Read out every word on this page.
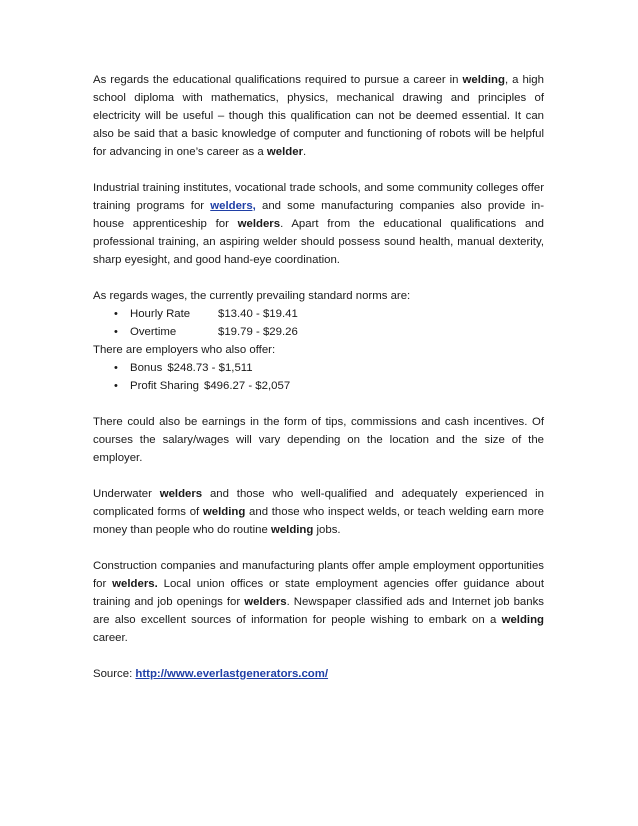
As regards the educational qualifications required to pursue a career in welding, a high school diploma with mathematics, physics, mechanical drawing and principles of electricity will be useful – though this qualification can not be deemed essential. It can also be said that a basic knowledge of computer and functioning of robots will be helpful for advancing in one’s career as a welder.

Industrial training institutes, vocational trade schools, and some community colleges offer training programs for welders, and some manufacturing companies also provide in-house apprenticeship for welders. Apart from the educational qualifications and professional training, an aspiring welder should possess sound health, manual dexterity, sharp eyesight, and good hand-eye coordination.

As regards wages, the currently prevailing standard norms are:
•	Hourly Rate	$13.40 - $19.41
•	Overtime	$19.79 - $29.26
There are employers who also offer:
•	Bonus $248.73 - $1,511
•	Profit Sharing $496.27 - $2,057

There could also be earnings in the form of tips, commissions and cash incentives. Of courses the salary/wages will vary depending on the location and the size of the employer.

Underwater welders and those who well-qualified and adequately experienced in complicated forms of welding and those who inspect welds, or teach welding earn more money than people who do routine welding jobs.

Construction companies and manufacturing plants offer ample employment opportunities for welders. Local union offices or state employment agencies offer guidance about training and job openings for welders. Newspaper classified ads and Internet job banks are also excellent sources of information for people wishing to embark on a welding career.

Source: http://www.everlastgenerators.com/
